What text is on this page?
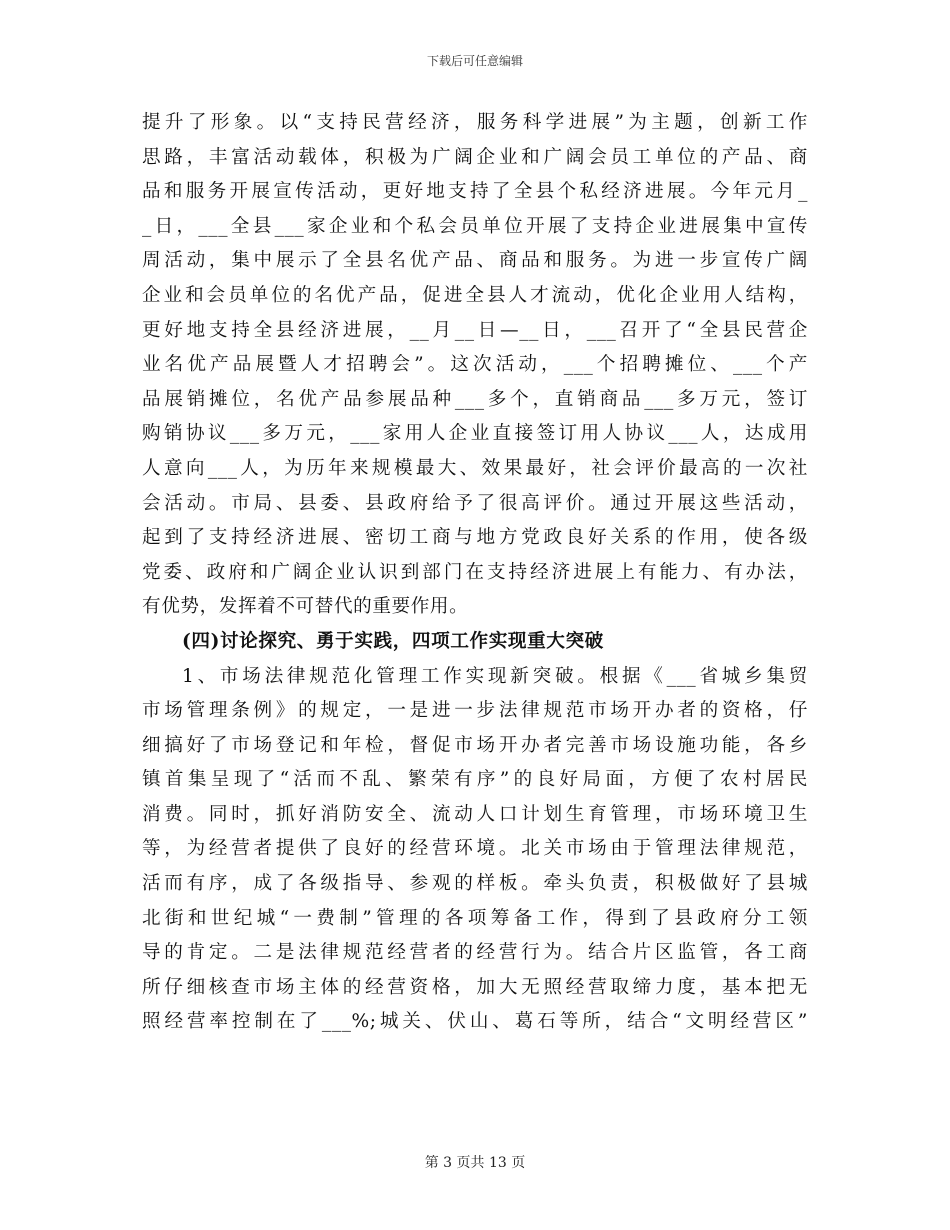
下载后可任意编辑
提升了形象。以“支持民营经济，服务科学进展”为主题，创新工作
思路，丰富活动载体，积极为广阔企业和广阔会员工单位的产品、商
品和服务开展宣传活动，更好地支持了全县个私经济进展。今年元月_
_日，___全县___家企业和个私会员单位开展了支持企业进展集中宣传
周活动，集中展示了全县名优产品、商品和服务。为进一步宣传广阔
企业和会员单位的名优产品，促进全县人才流动，优化企业用人结构，
更好地支持全县经济进展，__月__日—__日，___召开了“全县民营企
业名优产品展暨人才招聘会”。这次活动，___个招聘摊位、___个产
品展销摊位，名优产品参展品种___多个，直销商品___多万元，签订
购销协议___多万元，___家用人企业直接签订用人协议___人，达成用
人意向___人，为历年来规模最大、效果最好，社会评价最高的一次社
会活动。市局、县委、县政府给予了很高评价。通过开展这些活动，
起到了支持经济进展、密切工商与地方党政良好关系的作用，使各级
党委、政府和广阔企业认识到部门在支持经济进展上有能力、有办法，
有优势，发挥着不可替代的重要作用。
(四)讨论探究、勇于实践，四项工作实现重大突破
1、市场法律规范化管理工作实现新突破。根据《___省城乡集贸
市场管理条例》的规定，一是进一步法律规范市场开办者的资格，仔
细搞好了市场登记和年检，督促市场开办者完善市场设施功能，各乡
镇首集呈现了“活而不乱、繁荣有序”的良好局面，方便了农村居民
消费。同时，抓好消防安全、流动人口计划生育管理，市场环境卫生
等，为经营者提供了良好的经营环境。北关市场由于管理法律规范，
活而有序，成了各级指导、参观的样板。牵头负责，积极做好了县城
北街和世纪城“一费制”管理的各项筹备工作，得到了县政府分工领
导的肯定。二是法律规范经营者的经营行为。结合片区监管，各工商
所仔细核查市场主体的经营资格，加大无照经营取缔力度，基本把无
照经营率控制在了___%;城关、伏山、葛石等所，结合“文明经营区”
第 3 页共 13 页
